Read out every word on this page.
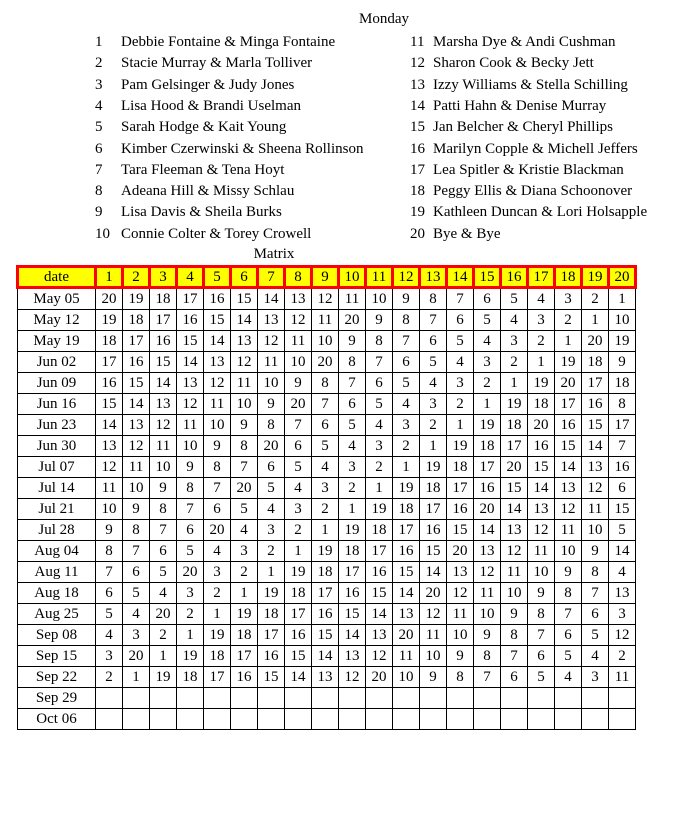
Monday
1 Debbie Fontaine & Minga Fontaine
2 Stacie Murray & Marla Tolliver
3 Pam Gelsinger & Judy Jones
4 Lisa Hood & Brandi Uselman
5 Sarah Hodge & Kait Young
6 Kimber Czerwinski & Sheena Rollinson
7 Tara Fleeman & Tena Hoyt
8 Adeana Hill & Missy Schlau
9 Lisa Davis & Sheila Burks
10 Connie Colter & Torey Crowell
11 Marsha Dye & Andi Cushman
12 Sharon Cook & Becky Jett
13 Izzy Williams & Stella Schilling
14 Patti Hahn & Denise Murray
15 Jan Belcher & Cheryl Phillips
16 Marilyn Copple & Michell Jeffers
17 Lea Spitler & Kristie Blackman
18 Peggy Ellis & Diana Schoonover
19 Kathleen Duncan & Lori Holsapple
20 Bye & Bye
Matrix
date	1	2	3	4	5	6	7	8	9	10	11	12	13	14	15	16	17	18	19	20
May 05	20	19	18	17	16	15	14	13	12	11	10	9	8	7	6	5	4	3	2	1
May 12	19	18	17	16	15	14	13	12	11	20	9	8	7	6	5	4	3	2	1	10
May 19	18	17	16	15	14	13	12	11	10	9	8	7	6	5	4	3	2	1	20	19
Jun 02	17	16	15	14	13	12	11	10	20	8	7	6	5	4	3	2	1	19	18	9
Jun 09	16	15	14	13	12	11	10	9	8	7	6	5	4	3	2	1	19	20	17	18
Jun 16	15	14	13	12	11	10	9	20	7	6	5	4	3	2	1	19	18	17	16	8
Jun 23	14	13	12	11	10	9	8	7	6	5	4	3	2	1	19	18	20	16	15	17
Jun 30	13	12	11	10	9	8	20	6	5	4	3	2	1	19	18	17	16	15	14	7
Jul 07	12	11	10	9	8	7	6	5	4	3	2	1	19	18	17	20	15	14	13	16
Jul 14	11	10	9	8	7	20	5	4	3	2	1	19	18	17	16	15	14	13	12	6
Jul 21	10	9	8	7	6	5	4	3	2	1	19	18	17	16	20	14	13	12	11	15
Jul 28	9	8	7	6	20	4	3	2	1	19	18	17	16	15	14	13	12	11	10	5
Aug 04	8	7	6	5	4	3	2	1	19	18	17	16	15	20	13	12	11	10	9	14
Aug 11	7	6	5	20	3	2	1	19	18	17	16	15	14	13	12	11	10	9	8	4
Aug 18	6	5	4	3	2	1	19	18	17	16	15	14	20	12	11	10	9	8	7	13
Aug 25	5	4	20	2	1	19	18	17	16	15	14	13	12	11	10	9	8	7	6	3
Sep 08	4	3	2	1	19	18	17	16	15	14	13	20	11	10	9	8	7	6	5	12
Sep 15	3	20	1	19	18	17	16	15	14	13	12	11	10	9	8	7	6	5	4	2
Sep 22	2	1	19	18	17	16	15	14	13	12	20	10	9	8	7	6	5	4	3	11
Sep 29																				
Oct 06																				
